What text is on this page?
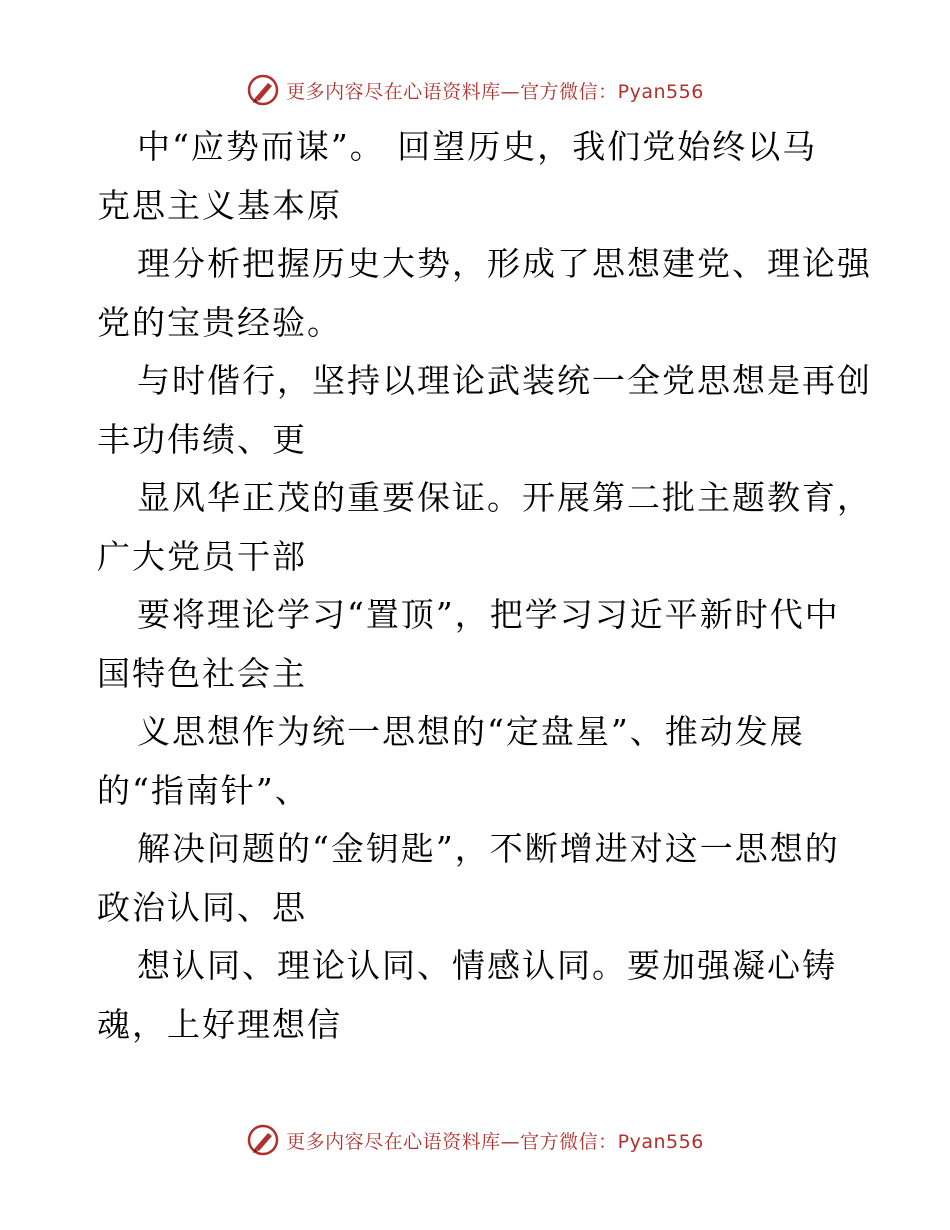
更多内容尽在心语资料库—官方微信：Pyan556
中“应势而谋”。 回望历史，我们党始终以马
克思主义基本原
理分析把握历史大势，形成了思想建党、理论强
党的宝贵经验。
与时偕行，坚持以理论武装统一全党思想是再创
丰功伟绩、更
显风华正茂的重要保证。开展第二批主题教育，
广大党员干部
要将理论学习“置顶”，把学习习近平新时代中
国特色社会主
义思想作为统一思想的“定盘星”、推动发展
的“指南针”、
解决问题的“金钥匙”，不断增进对这一思想的
政治认同、思
想认同、理论认同、情感认同。要加强凝心铸
魂，上好理想信
更多内容尽在心语资料库—官方微信：Pyan556
